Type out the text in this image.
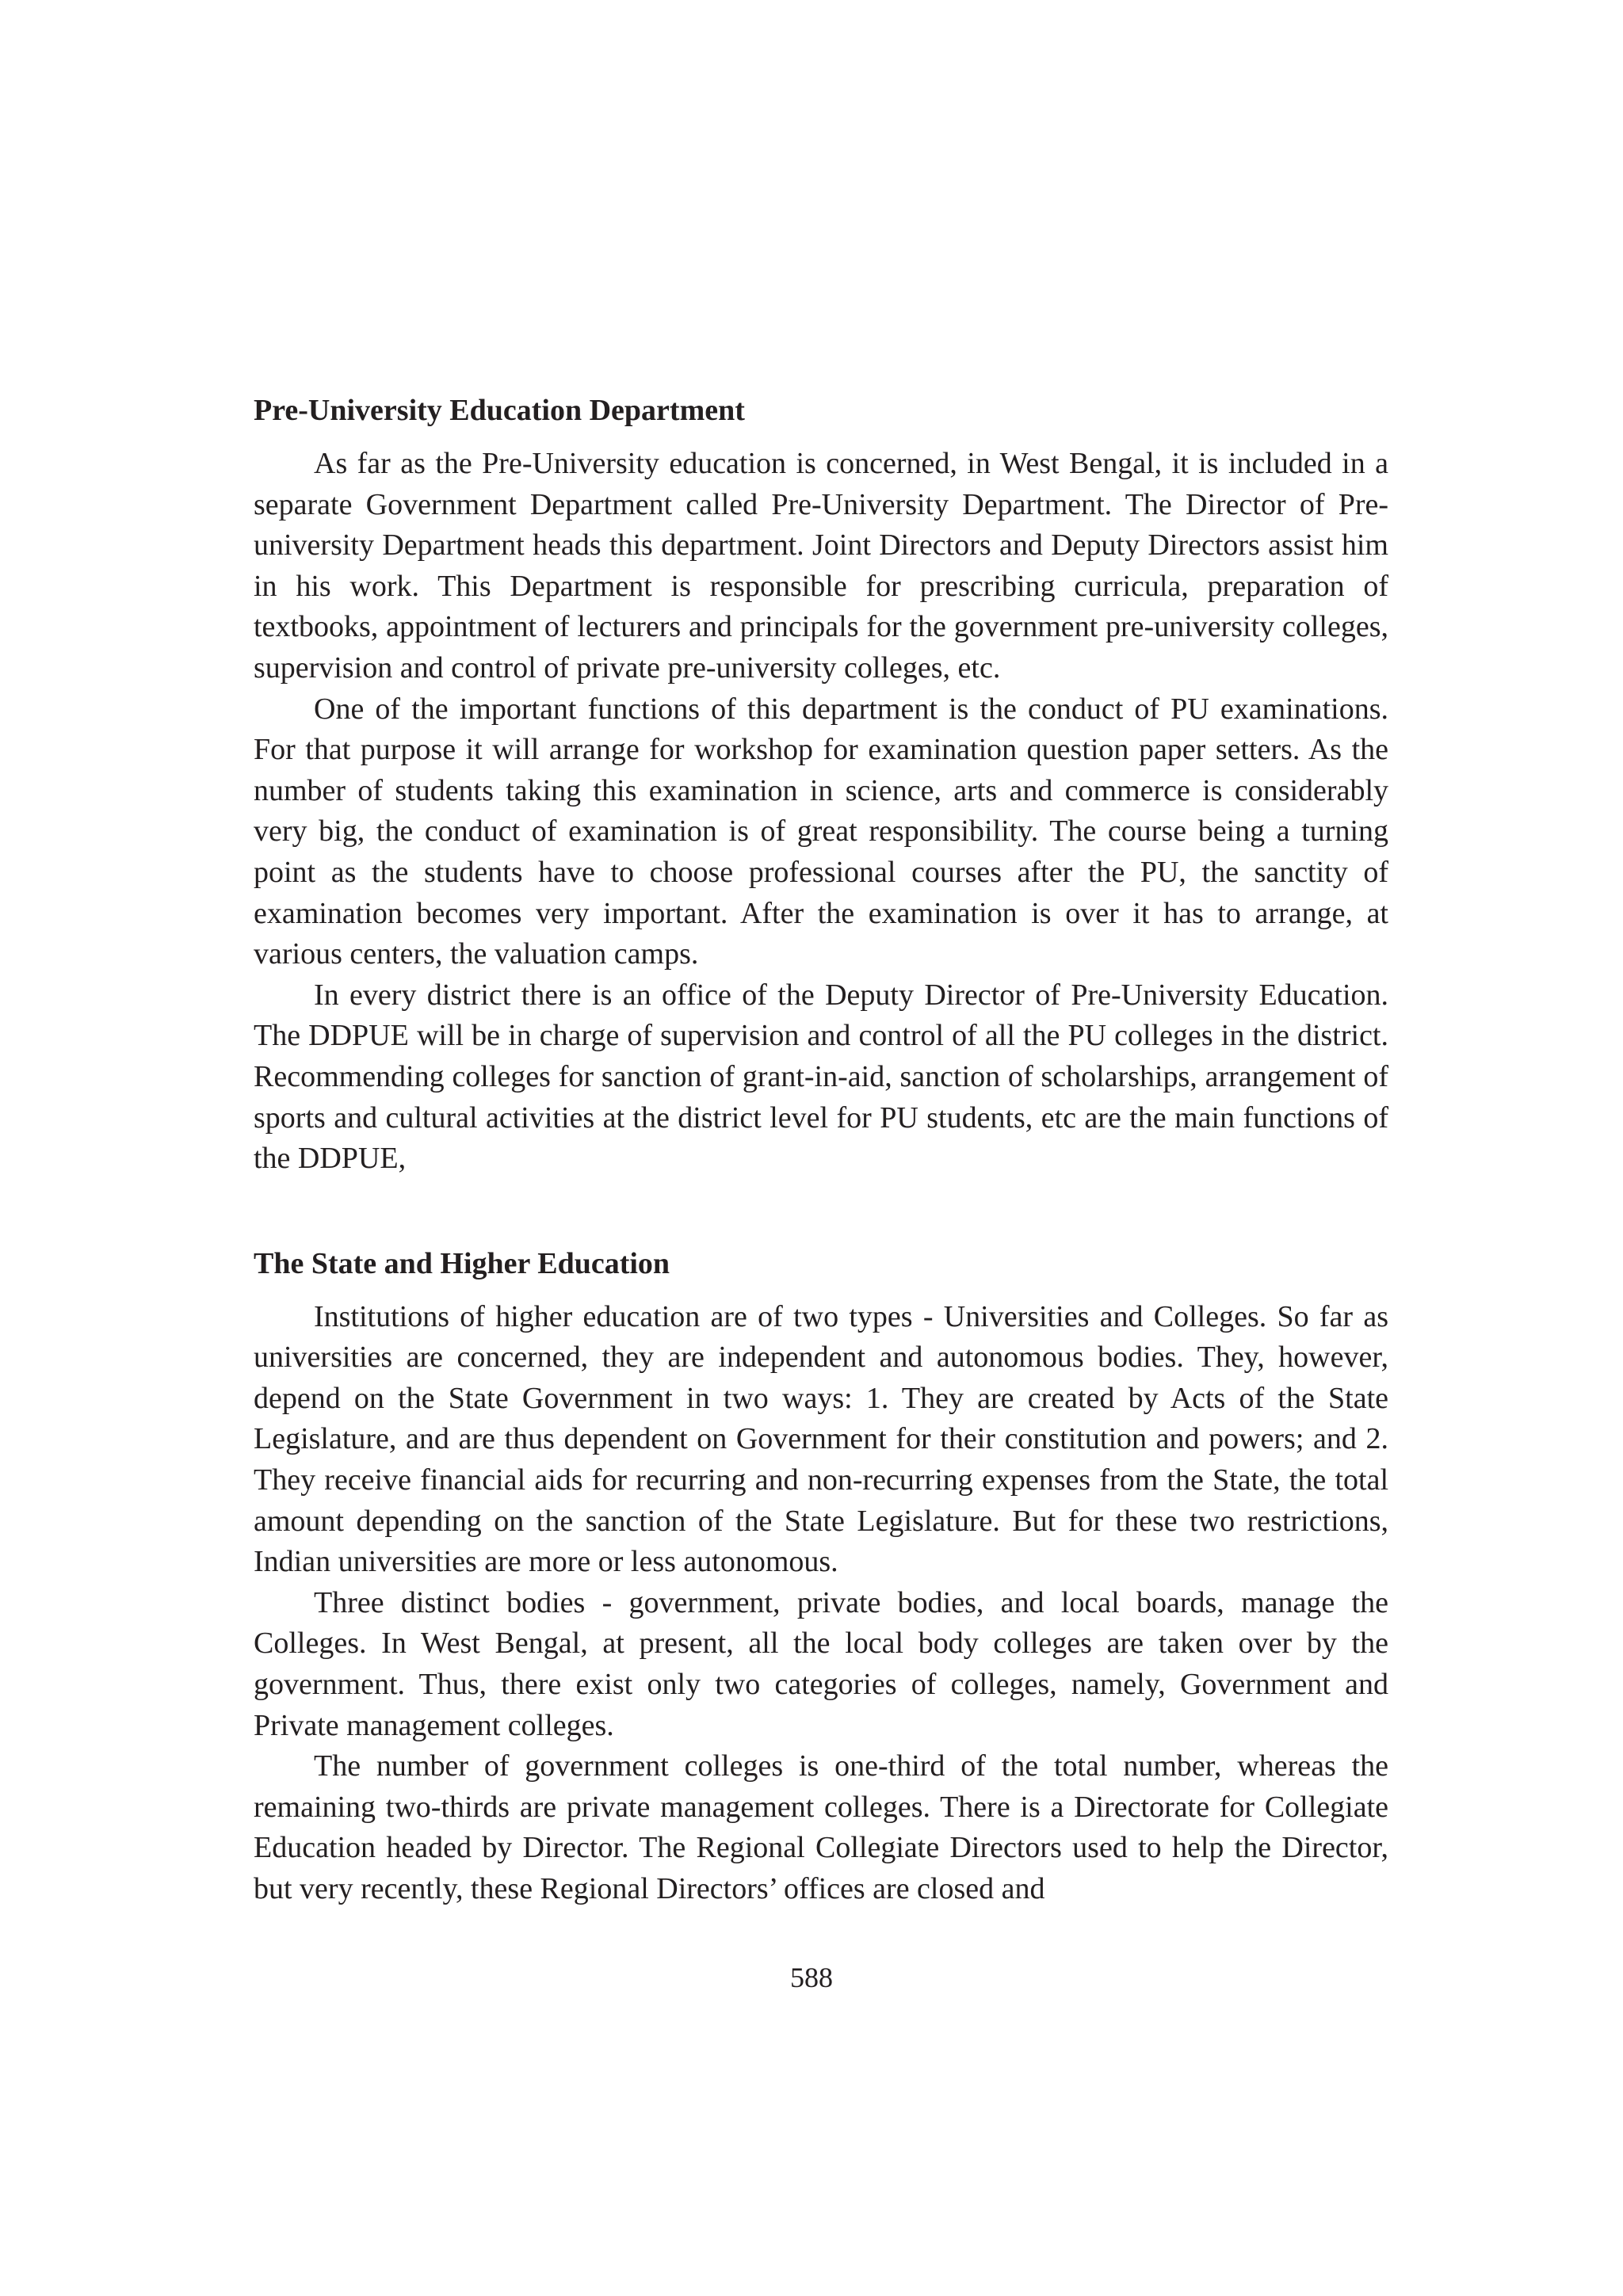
Pre-University Education Department

As far as the Pre-University education is concerned, in West Bengal, it is included in a separate Government Department called Pre-University Department. The Director of Pre-university Department heads this department. Joint Directors and Deputy Directors assist him in his work. This Department is responsible for prescribing curricula, preparation of textbooks, appointment of lecturers and principals for the government pre-university colleges, supervision and control of private pre-university colleges, etc.

One of the important functions of this department is the conduct of PU examinations. For that purpose it will arrange for workshop for examination question paper setters. As the number of students taking this examination in science, arts and commerce is considerably very big, the conduct of examination is of great responsibility. The course being a turning point as the students have to choose professional courses after the PU, the sanctity of examination becomes very important. After the examination is over it has to arrange, at various centers, the valuation camps.

In every district there is an office of the Deputy Director of Pre-University Education. The DDPUE will be in charge of supervision and control of all the PU colleges in the district. Recommending colleges for sanction of grant-in-aid, sanction of scholarships, arrangement of sports and cultural activities at the district level for PU students, etc are the main functions of the DDPUE,

The State and Higher Education

Institutions of higher education are of two types - Universities and Colleges. So far as universities are concerned, they are independent and autonomous bodies. They, however, depend on the State Government in two ways: 1. They are created by Acts of the State Legislature, and are thus dependent on Government for their constitution and powers; and 2. They receive financial aids for recurring and non-recurring expenses from the State, the total amount depending on the sanction of the State Legislature. But for these two restrictions, Indian universities are more or less autonomous.

Three distinct bodies - government, private bodies, and local boards, manage the Colleges. In West Bengal, at present, all the local body colleges are taken over by the government. Thus, there exist only two categories of colleges, namely, Government and Private management colleges.

The number of government colleges is one-third of the total number, whereas the remaining two-thirds are private management colleges. There is a Directorate for Collegiate Education headed by Director. The Regional Collegiate Directors used to help the Director, but very recently, these Regional Directors’ offices are closed and

588
